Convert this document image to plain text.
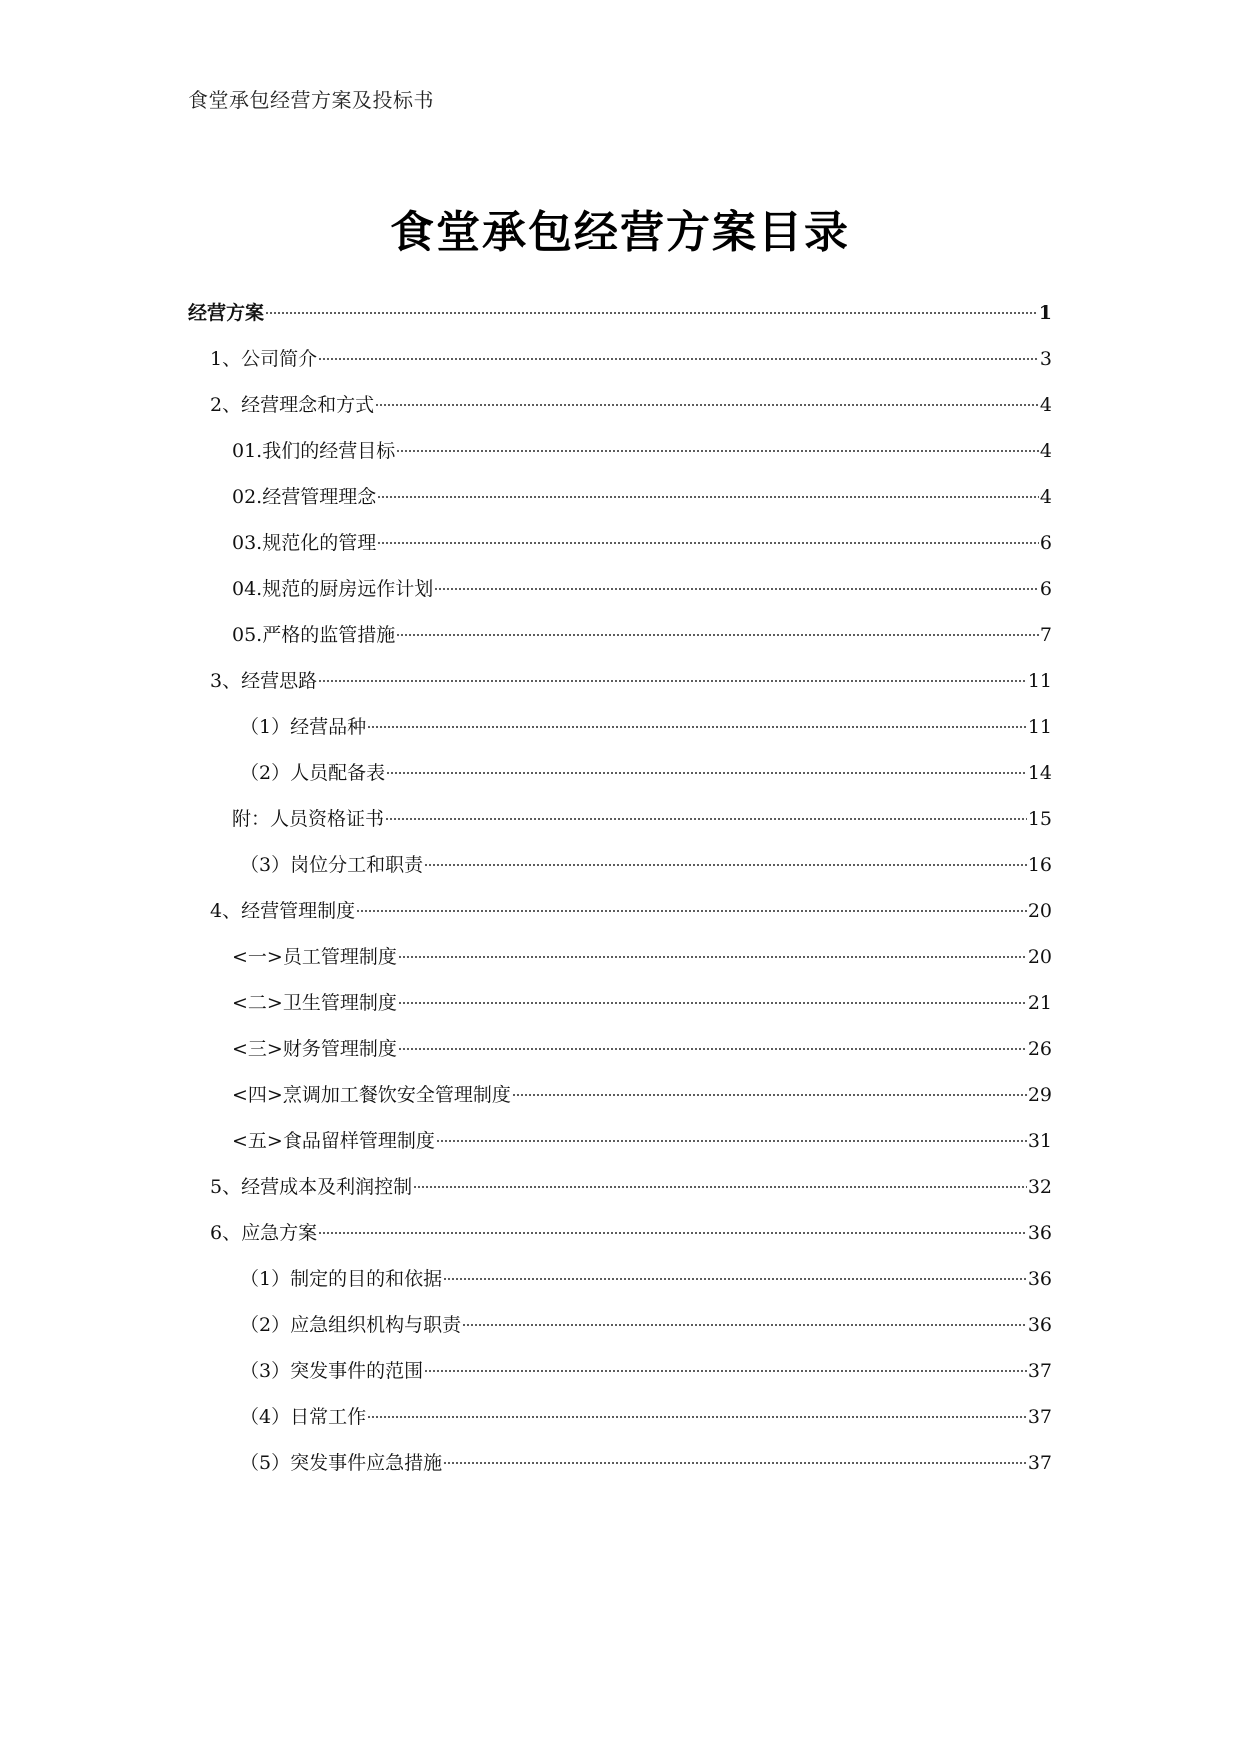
食堂承包经营方案及投标书
食堂承包经营方案目录
经营方案	1
1、公司简介	3
2、经营理念和方式	4
01.我们的经营目标	4
02.经营管理理念	4
03.规范化的管理	6
04.规范的厨房远作计划	6
05.严格的监管措施	7
3、经营思路	11
（1）经营品种	11
（2）人员配备表	14
附：人员资格证书	15
（3）岗位分工和职责	16
4、经营管理制度	20
<一>员工管理制度	20
<二>卫生管理制度	21
<三>财务管理制度	26
<四>烹调加工餐饮安全管理制度	29
<五>食品留样管理制度	31
5、经营成本及利润控制	32
6、应急方案	36
（1）制定的目的和依据	36
（2）应急组织机构与职责	36
（3）突发事件的范围	37
（4）日常工作	37
（5）突发事件应急措施	37
